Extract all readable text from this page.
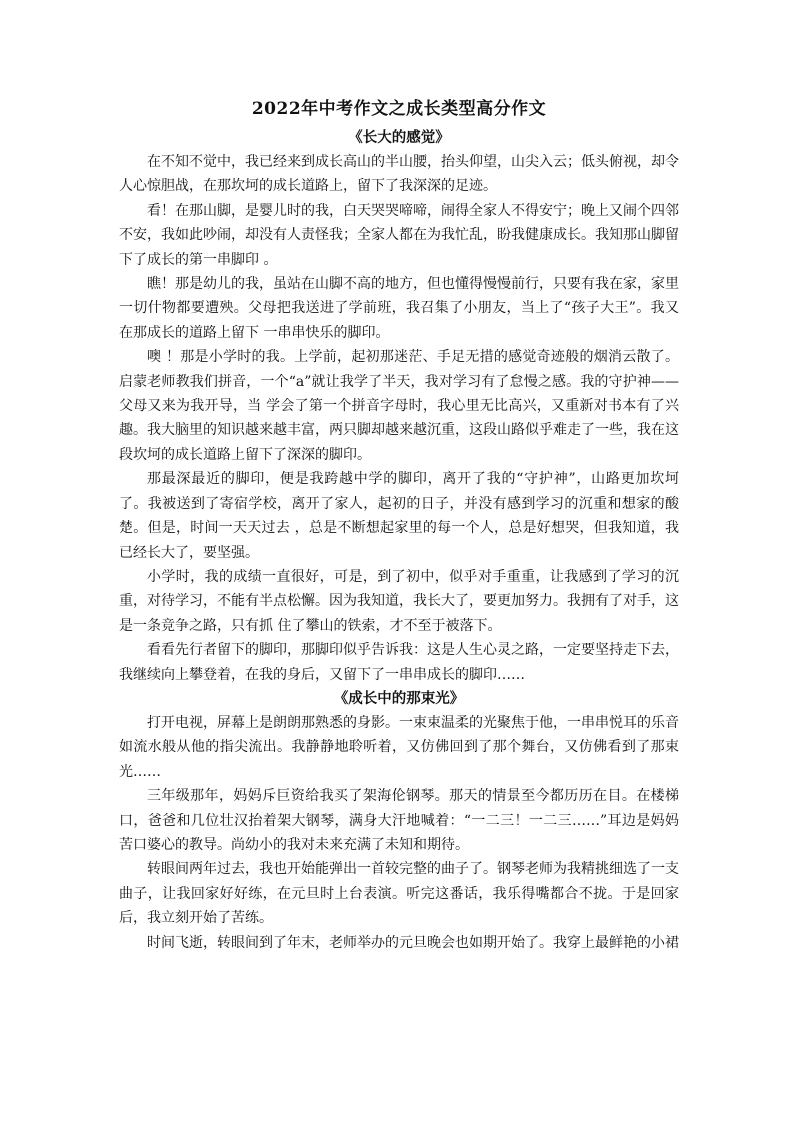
2022年中考作文之成长类型高分作文
《长大的感觉》

在不知不觉中，我已经来到成长高山的半山腰，抬头仰望，山尖入云；低头俯视，却令人心惊胆战，在那坎坷的成长道路上，留下了我深深的足迹。

看！在那山脚，是婴儿时的我，白天哭哭啼啼，闹得全家人不得安宁；晚上又闹个四邻不安，我如此吵闹，却没有人责怪我；全家人都在为我忙乱，盼我健康成长。我知那山脚留下了成长的第一串脚印 。

瞧！那是幼儿的我，虽站在山脚不高的地方，但也懂得慢慢前行，只要有我在家，家里一切什物都要遭殃。父母把我送进了学前班，我召集了小朋友，当上了“孩子大王”。我又在那成长的道路上留下 一串串快乐的脚印。

噢 ！那是小学时的我。上学前，起初那迷茫、手足无措的感觉奇迹般的烟消云散了。启蒙老师教我们拼音，一个“a”就让我学了半天，我对学习有了怠慢之感。我的守护神——父母又来为我开导，当 学会了第一个拼音字母时，我心里无比高兴，又重新对书本有了兴趣。我大脑里的知识越来越丰富，两只脚却越来越沉重，这段山路似乎难走了一些，我在这段坎坷的成长道路上留下了深深的脚印。

那最深最近的脚印，便是我跨越中学的脚印，离开了我的“守护神”，山路更加坎坷了。我被送到了寄宿学校，离开了家人，起初的日子，并没有感到学习的沉重和想家的酸楚。但是，时间一天天过去 ，总是不断想起家里的每一个人，总是好想哭，但我知道，我已经长大了，要坚强。

小学时，我的成绩一直很好，可是，到了初中，似乎对手重重，让我感到了学习的沉重，对待学习，不能有半点松懈。因为我知道，我长大了，要更加努力。我拥有了对手，这是一条竞争之路，只有抓 住了攀山的铁索，才不至于被落下。

看看先行者留下的脚印，那脚印似乎告诉我：这是人生心灵之路，一定要坚持走下去，我继续向上攀登着，在我的身后，又留下了一串串成长的脚印……

《成长中的那束光》

打开电视，屏幕上是朗朗那熟悉的身影。一束束温柔的光聚焦于他，一串串悦耳的乐音如流水般从他的指尖流出。我静静地聆听着，又仿佛回到了那个舞台，又仿佛看到了那束光……

三年级那年，妈妈斥巨资给我买了架海伦钢琴。那天的情景至今都历历在目。在楼梯口，爸爸和几位壮汉抬着架大钢琴，满身大汗地喊着：“一二三！一二三……”耳边是妈妈苦口婆心的教导。尚幼小的我对未来充满了未知和期待。

转眼间两年过去，我也开始能弹出一首较完整的曲子了。钢琴老师为我精挑细选了一支曲子，让我回家好好练，在元旦时上台表演。听完这番话，我乐得嘴都合不拢。于是回家后，我立刻开始了苦练。

时间飞逝，转眼间到了年末，老师举办的元旦晚会也如期开始了。我穿上最鲜艳的小裙
